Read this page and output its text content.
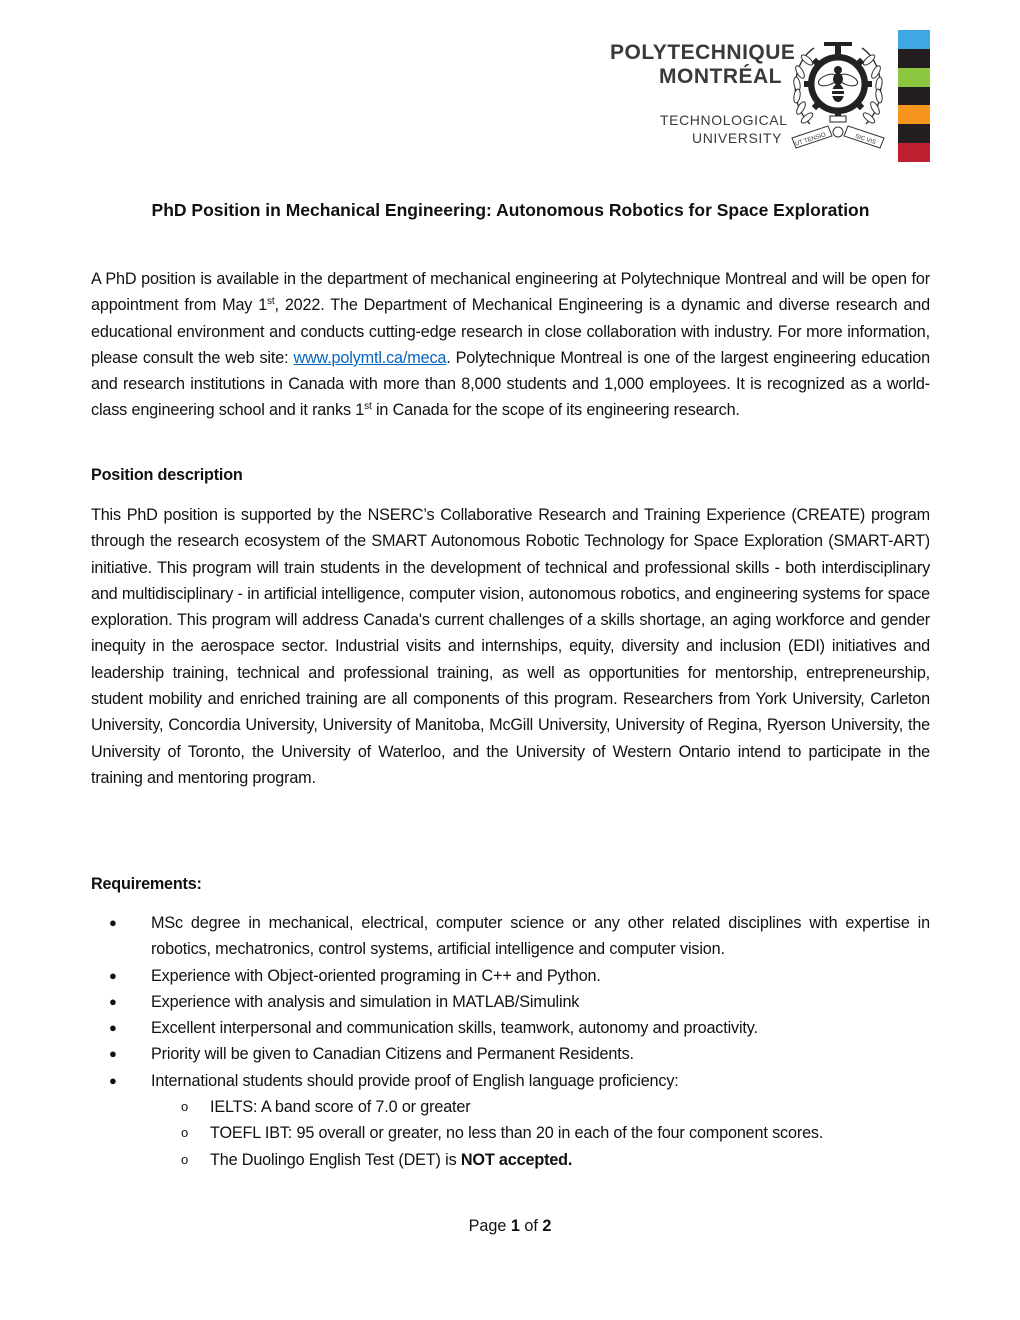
POLYTECHNIQUE
MONTRÉAL
TECHNOLOGICAL
UNIVERSITY UT TENSIO	SIC VIS
PhD Position in Mechanical Engineering: Autonomous Robotics for Space Exploration

A PhD position is available in the department of mechanical engineering at Polytechnique Montreal and will be open for appointment from May 1st, 2022. The Department of Mechanical Engineering is a dynamic and diverse research and educational environment and conducts cutting-edge research in close collaboration with industry. For more information, please consult the web site: www.polymtl.ca/meca. Polytechnique Montreal is one of the largest engineering education and research institutions in Canada with more than 8,000 students and 1,000 employees. It is recognized as a world-class engineering school and it ranks 1st in Canada for the scope of its engineering research.

Position description

This PhD position is supported by the NSERC’s Collaborative Research and Training Experience (CREATE) program through the research ecosystem of the SMART Autonomous Robotic Technology for Space Exploration (SMART-ART) initiative. This program will train students in the development of technical and professional skills - both interdisciplinary and multidisciplinary - in artificial intelligence, computer vision, autonomous robotics, and engineering systems for space exploration. This program will address Canada's current challenges of a skills shortage, an aging workforce and gender inequity in the aerospace sector. Industrial visits and internships, equity, diversity and inclusion (EDI) initiatives and leadership training, technical and professional training, as well as opportunities for mentorship, entrepreneurship, student mobility and enriched training are all components of this program. Researchers from York University, Carleton University, Concordia University, University of Manitoba, McGill University, University of Regina, Ryerson University, the University of Toronto, the University of Waterloo, and the University of Western Ontario intend to participate in the training and mentoring program.

Requirements:

● MSc degree in mechanical, electrical, computer science or any other related disciplines with expertise in robotics, mechatronics, control systems, artificial intelligence and computer vision.
● Experience with Object-oriented programing in C++ and Python.
● Experience with analysis and simulation in MATLAB/Simulink
● Excellent interpersonal and communication skills, teamwork, autonomy and proactivity.
● Priority will be given to Canadian Citizens and Permanent Residents.
● International students should provide proof of English language proficiency:
o IELTS: A band score of 7.0 or greater
o TOEFL IBT: 95 overall or greater, no less than 20 in each of the four component scores.
o The Duolingo English Test (DET) is NOT accepted.
Page 1 of 2
